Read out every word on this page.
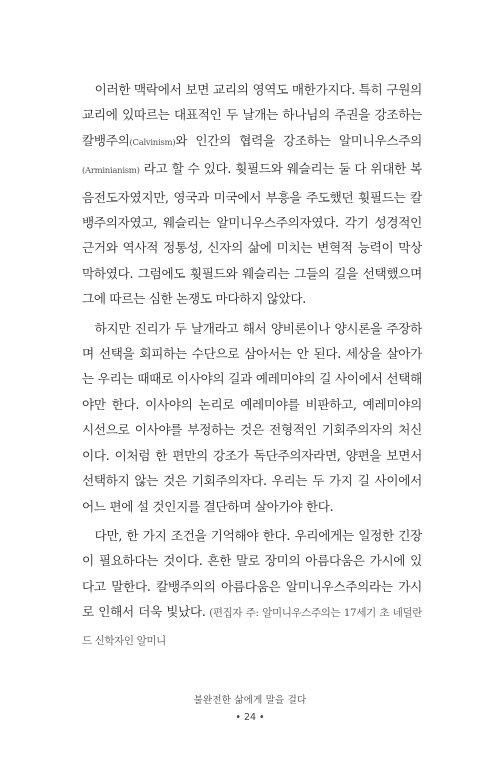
이러한 맥락에서 보면 교리의 영역도 매한가지다. 특히 구원의 교리에 있따르는 대표적인 두 날개는 하나님의 주권을 강조하는 칼뱅주의(Calvinism)와 인간의 협력을 강조하는 알미니우스주의(Arminianism) 라고 할 수 있다. 휫필드와 웨슬리는 둘 다 위대한 복음전도자였지만, 영국과 미국에서 부흥을 주도했던 휫필드는 칼뱅주의자였고, 웨슬리는 알미니우스주의자였다. 각기 성경적인 근거와 역사적 정통성, 신자의 삶에 미치는 변혁적 능력이 막상막하였다. 그럼에도 휫필드와 웨슬리는 그들의 길을 선택했으며 그에 따르는 심한 논쟁도 마다하지 않았다.

하지만 진리가 두 날개라고 해서 양비론이나 양시론을 주장하며 선택을 회피하는 수단으로 삼아서는 안 된다. 세상을 살아가는 우리는 때때로 이사야의 길과 예레미야의 길 사이에서 선택해야만 한다. 이사야의 논리로 예레미야를 비판하고, 예레미야의 시선으로 이사야를 부정하는 것은 전형적인 기회주의자의 처신이다. 이처럼 한 편만의 강조가 독단주의자라면, 양편을 보면서 선택하지 않는 것은 기회주의자다. 우리는 두 가지 길 사이에서 어느 편에 설 것인지를 결단하며 살아가야 한다.

다만, 한 가지 조건을 기억해야 한다. 우리에게는 일정한 긴장이 필요하다는 것이다. 흔한 말로 장미의 아름다움은 가시에 있다고 말한다. 칼뱅주의의 아름다움은 알미니우스주의라는 가시로 인해서 더욱 빛났다. (편집자 주: 알미니우스주의는 17세기 초 네덜란드 신학자인 알미니

불완전한 삶에게 말을 걸다
• 24 •
